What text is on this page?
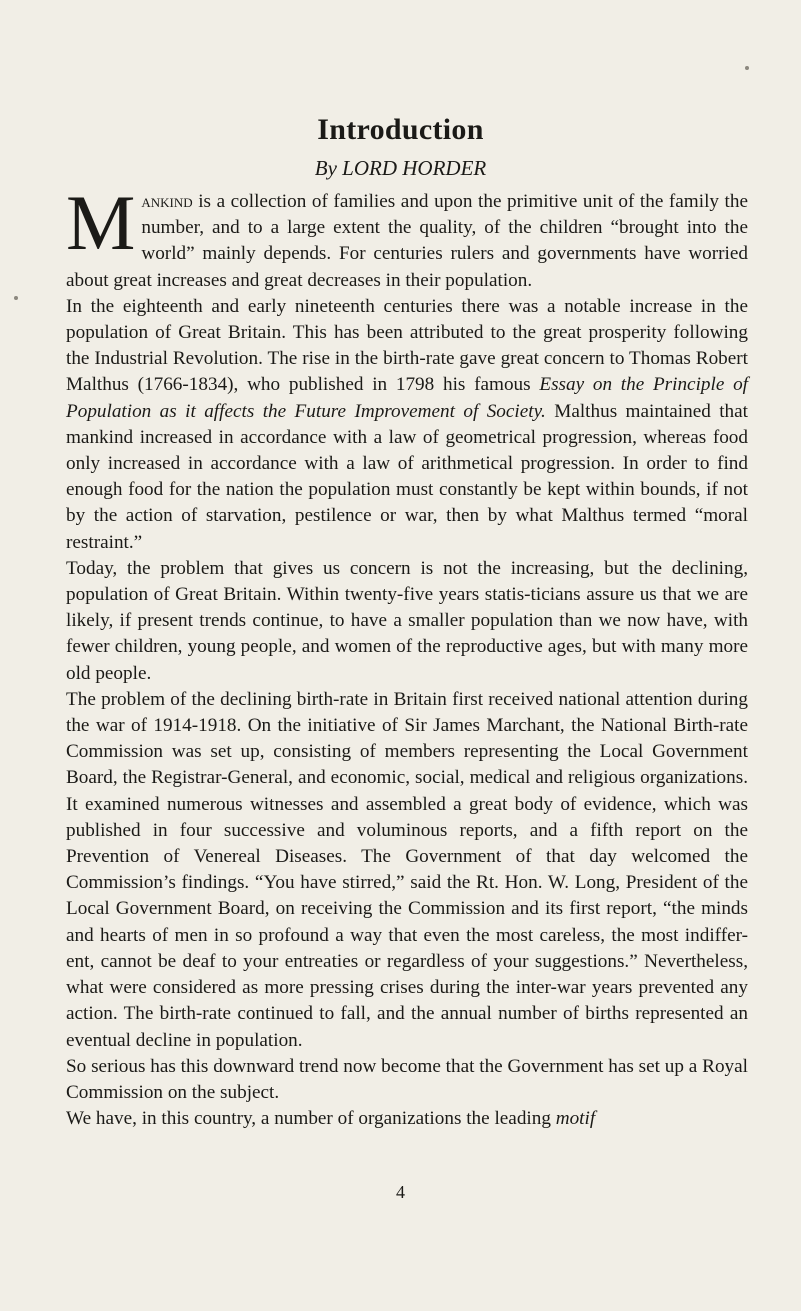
Introduction
By LORD HORDER

Mankind is a collection of families and upon the primitive unit of the family the number, and to a large extent the quality, of the children “brought into the world” mainly depends. For centuries rulers and governments have worried about great increases and great decreases in their population.

In the eighteenth and early nineteenth centuries there was a notable increase in the population of Great Britain. This has been attributed to the great prosperity following the Industrial Revolution. The rise in the birth-rate gave great concern to Thomas Robert Malthus (1766-1834), who published in 1798 his famous Essay on the Principle of Population as it affects the Future Improvement of Society. Malthus maintained that mankind increased in accordance with a law of geometrical progression, whereas food only increased in accordance with a law of arithmetical progression. In order to find enough food for the nation the population must constantly be kept within bounds, if not by the action of starvation, pestilence or war, then by what Malthus termed “moral restraint.”

Today, the problem that gives us concern is not the increasing, but the declining, population of Great Britain. Within twenty-five years statis-ticians assure us that we are likely, if present trends continue, to have a smaller population than we now have, with fewer children, young people, and women of the reproductive ages, but with many more old people.

The problem of the declining birth-rate in Britain first received national attention during the war of 1914-1918. On the initiative of Sir James Marchant, the National Birth-rate Commission was set up, consisting of members representing the Local Government Board, the Registrar-General, and economic, social, medical and religious organizations. It examined numerous witnesses and assembled a great body of evidence, which was published in four successive and voluminous reports, and a fifth report on the Prevention of Venereal Diseases. The Government of that day welcomed the Commission’s findings. “You have stirred,” said the Rt. Hon. W. Long, President of the Local Government Board, on receiving the Commission and its first report, “the minds and hearts of men in so profound a way that even the most careless, the most indiffer-ent, cannot be deaf to your entreaties or regardless of your suggestions.” Nevertheless, what were considered as more pressing crises during the inter-war years prevented any action. The birth-rate continued to fall, and the annual number of births represented an eventual decline in population.

So serious has this downward trend now become that the Government has set up a Royal Commission on the subject.

We have, in this country, a number of organizations the leading motif

4
